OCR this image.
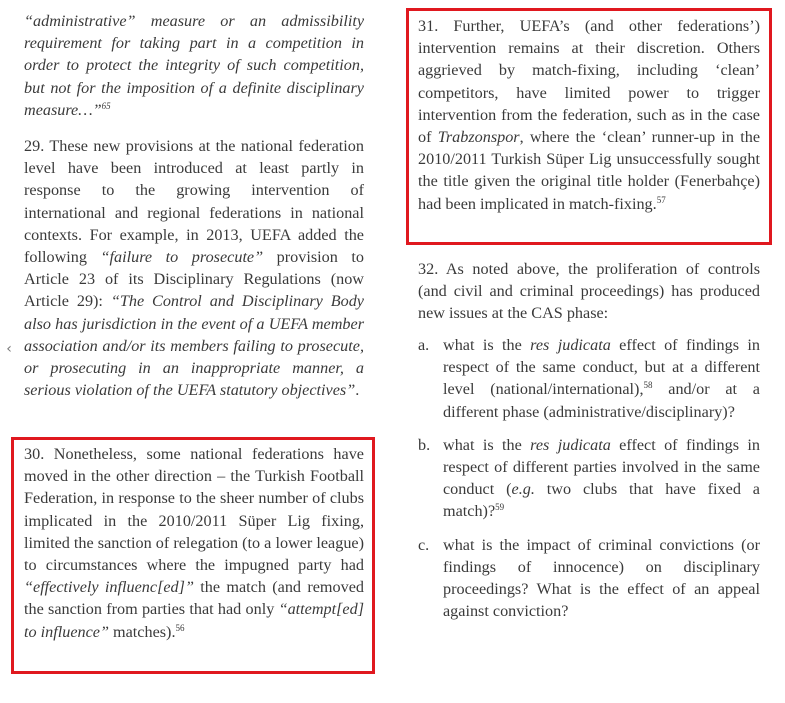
‹

“administrative” measure or an admissibility requirement for taking part in a competition in order to protect the integrity of such competition, but not for the imposition of a definite disciplinary measure…”$^{65}$

29. These new provisions at the national federation level have been introduced at least partly in response to the growing intervention of international and regional federations in national contexts. For example, in 2013, UEFA added the following “failure to prosecute” provision to Article 23 of its Disciplinary Regulations (now Article 29): “The Control and Disciplinary Body also has jurisdiction in the event of a UEFA member association and/or its members failing to prosecute, or prosecuting in an inappropriate manner, a serious violation of the UEFA statutory objectives”.

30. Nonetheless, some national federations have moved in the other direction – the Turkish Football Federation, in response to the sheer number of clubs implicated in the 2010/2011 Süper Lig fixing, limited the sanction of relegation (to a lower league) to circumstances where the impugned party had “effectively influenc[ed]” the match (and removed the sanction from parties that had only “attempt[ed] to influence” matches).$^{56}$

31. Further, UEFA’s (and other federations’) intervention remains at their discretion. Others aggrieved by match-fixing, including ‘clean’ competitors, have limited power to trigger intervention from the federation, such as in the case of Trabzonspor, where the ‘clean’ runner-up in the 2010/2011 Turkish Süper Lig unsuccessfully sought the title given the original title holder (Fenerbahçe) had been implicated in match-fixing.$^{57}$

32. As noted above, the proliferation of controls (and civil and criminal proceedings) has produced new issues at the CAS phase:

a. what is the res judicata effect of findings in respect of the same conduct, but at a different level (national/international),$^{58}$ and/or at a different phase (administrative/disciplinary)?
b. what is the res judicata effect of findings in respect of different parties involved in the same conduct (e.g. two clubs that have fixed a match)?$^{59}$
c. what is the impact of criminal convictions (or findings of innocence) on disciplinary proceedings? What is the effect of an appeal against conviction?
